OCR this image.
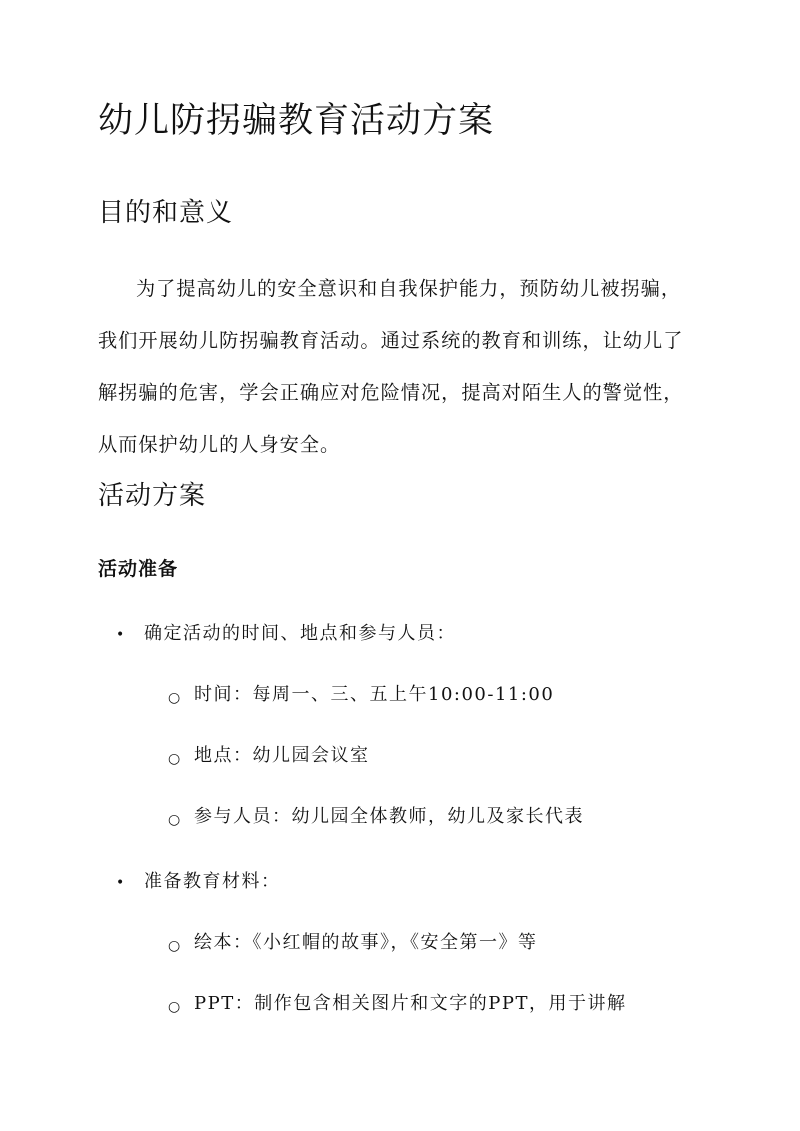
幼儿防拐骗教育活动方案
目的和意义

为了提高幼儿的安全意识和自我保护能力，预防幼儿被拐骗，
我们开展幼儿防拐骗教育活动。通过系统的教育和训练，让幼儿了
解拐骗的危害，学会正确应对危险情况，提高对陌生人的警觉性，
从而保护幼儿的人身安全。

活动方案
活动准备
• 确定活动的时间、地点和参与人员：
○ 时间：每周一、三、五上午10:00-11:00
○ 地点：幼儿园会议室
○ 参与人员：幼儿园全体教师，幼儿及家长代表
• 准备教育材料：
○ 绘本：《小红帽的故事》，《安全第一》等
○ PPT：制作包含相关图片和文字的PPT，用于讲解
